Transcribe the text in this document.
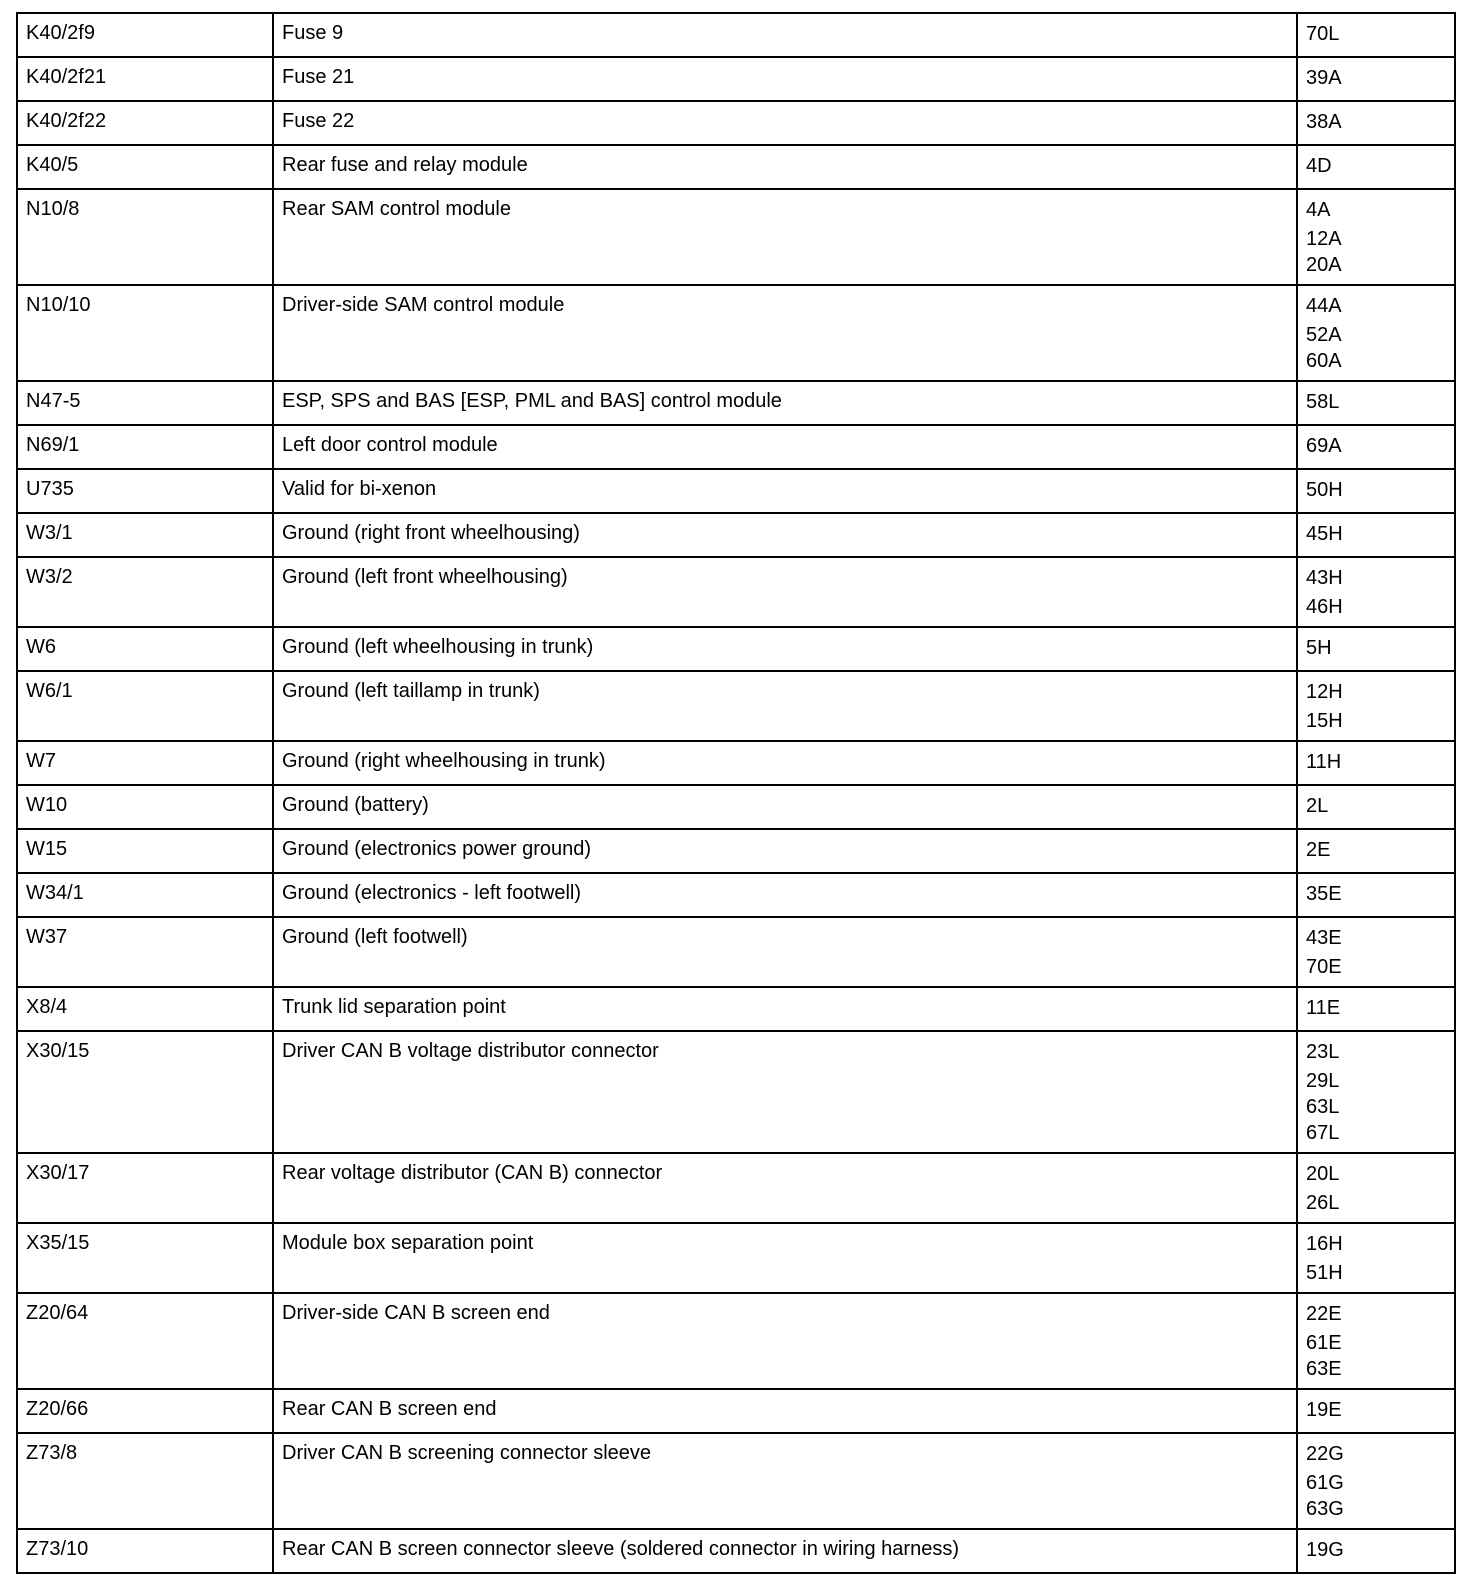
K40/2f9	Fuse 9	70L

K40/2f21	Fuse 21	39A

K40/2f22	Fuse 22	38A

K40/5	Rear fuse and relay module	4D

N10/8	Rear SAM control module	4A
12A
20A

N10/10	Driver-side SAM control module	44A
52A
60A

N47-5	ESP, SPS and BAS [ESP, PML and BAS] control module	58L

N69/1	Left door control module	69A

U735	Valid for bi-xenon	50H

W3/1	Ground (right front wheelhousing)	45H

W3/2	Ground (left front wheelhousing)	43H
46H

W6	Ground (left wheelhousing in trunk)	5H

W6/1	Ground (left taillamp in trunk)	12H
15H

W7	Ground (right wheelhousing in trunk)	11H

W10	Ground (battery)	2L

W15	Ground (electronics power ground)	2E

W34/1	Ground (electronics - left footwell)	35E

W37	Ground (left footwell)	43E
70E

X8/4	Trunk lid separation point	11E

X30/15	Driver CAN B voltage distributor connector	23L
29L
63L
67L

X30/17	Rear voltage distributor (CAN B) connector	20L
26L

X35/15	Module box separation point	16H
51H

Z20/64	Driver-side CAN B screen end	22E
61E
63E

Z20/66	Rear CAN B screen end	19E

Z73/8	Driver CAN B screening connector sleeve	22G
61G
63G

Z73/10	Rear CAN B screen connector sleeve (soldered connector in wiring harness)	19G
